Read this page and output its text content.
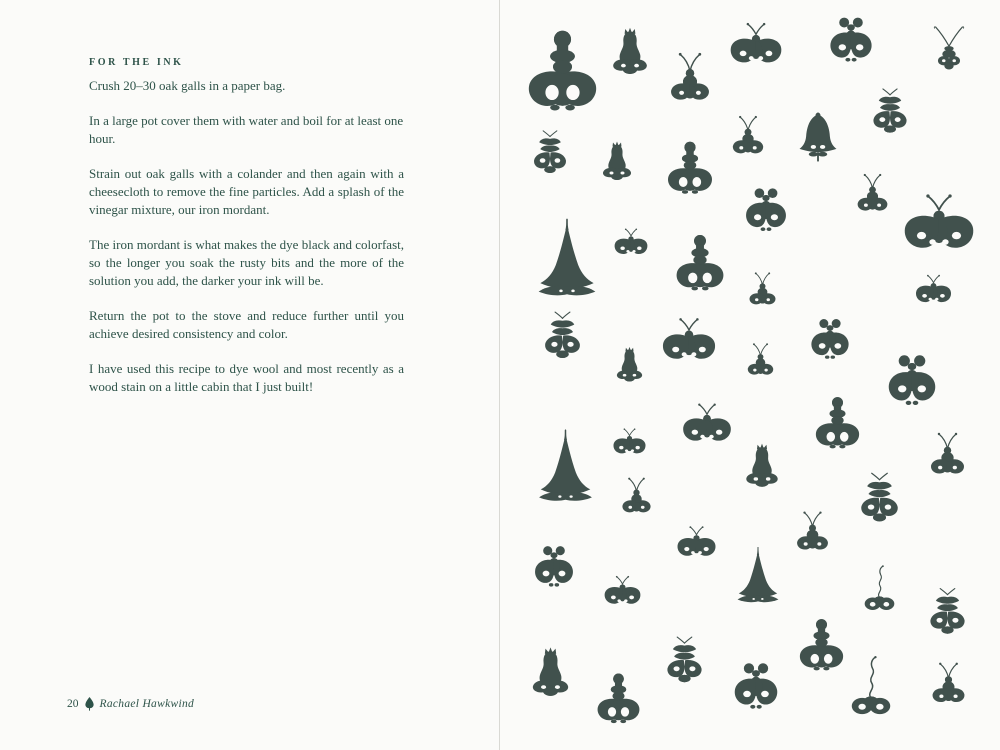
FOR THE INK

Crush 20–30 oak galls in a paper bag.

In a large pot cover them with water and boil for at least one hour.

Strain out oak galls with a colander and then again with a cheesecloth to remove the fine particles. Add a splash of the vinegar mixture, our iron mordant.

The iron mordant is what makes the dye black and colorfast, so the longer you soak the rusty bits and the more of the solution you add, the darker your ink will be.

Return the pot to the stove and reduce further until you achieve desired consistency and color.

I have used this recipe to dye wool and most recently as a wood stain on a little cabin that I just built!

20 Rachael Hawkwind
